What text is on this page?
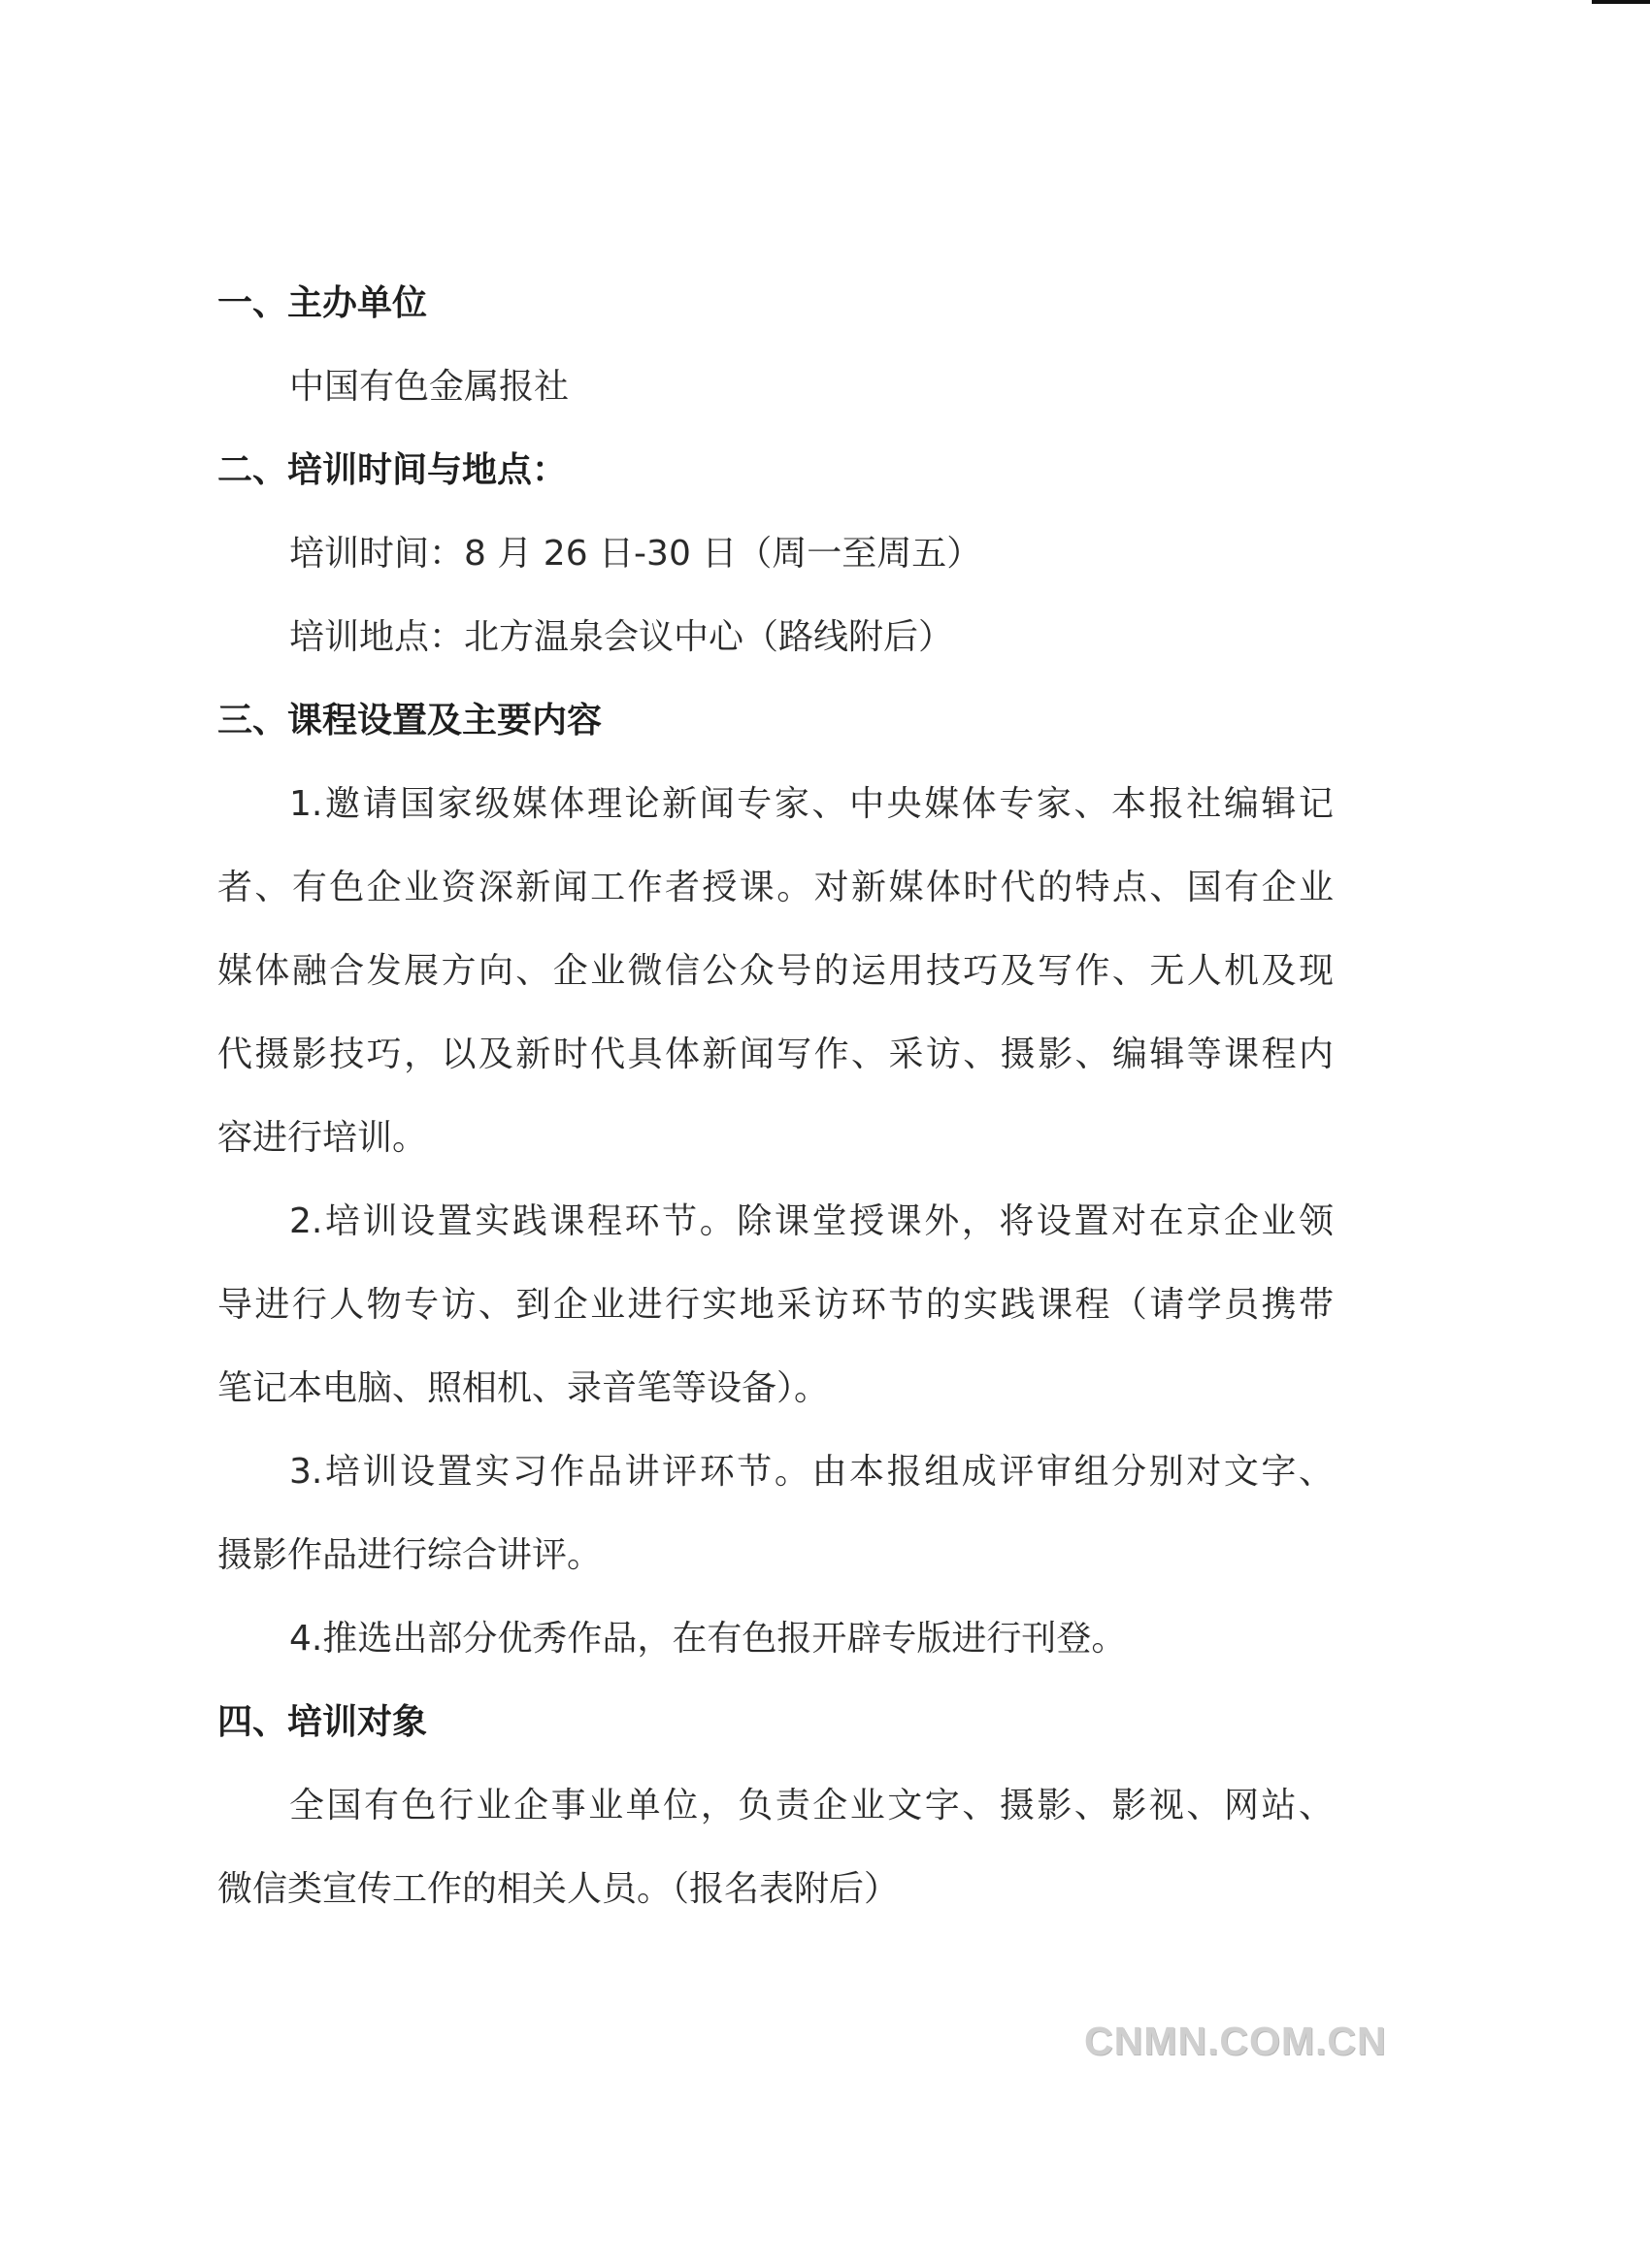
一、主办单位
中国有色金属报社
二、培训时间与地点：
培训时间：8 月 26 日-30 日（周一至周五）
培训地点：北方温泉会议中心（路线附后）
三、课程设置及主要内容
1.邀请国家级媒体理论新闻专家、中央媒体专家、本报社编辑记
者、有色企业资深新闻工作者授课。对新媒体时代的特点、国有企业
媒体融合发展方向、企业微信公众号的运用技巧及写作、无人机及现
代摄影技巧，以及新时代具体新闻写作、采访、摄影、编辑等课程内
容进行培训。
2.培训设置实践课程环节。除课堂授课外，将设置对在京企业领
导进行人物专访、到企业进行实地采访环节的实践课程（请学员携带
笔记本电脑、照相机、录音笔等设备）。
3.培训设置实习作品讲评环节。由本报组成评审组分别对文字、
摄影作品进行综合讲评。
4.推选出部分优秀作品，在有色报开辟专版进行刊登。
四、培训对象
全国有色行业企事业单位，负责企业文字、摄影、影视、网站、
微信类宣传工作的相关人员。（报名表附后）
CNMN.COM.CN
